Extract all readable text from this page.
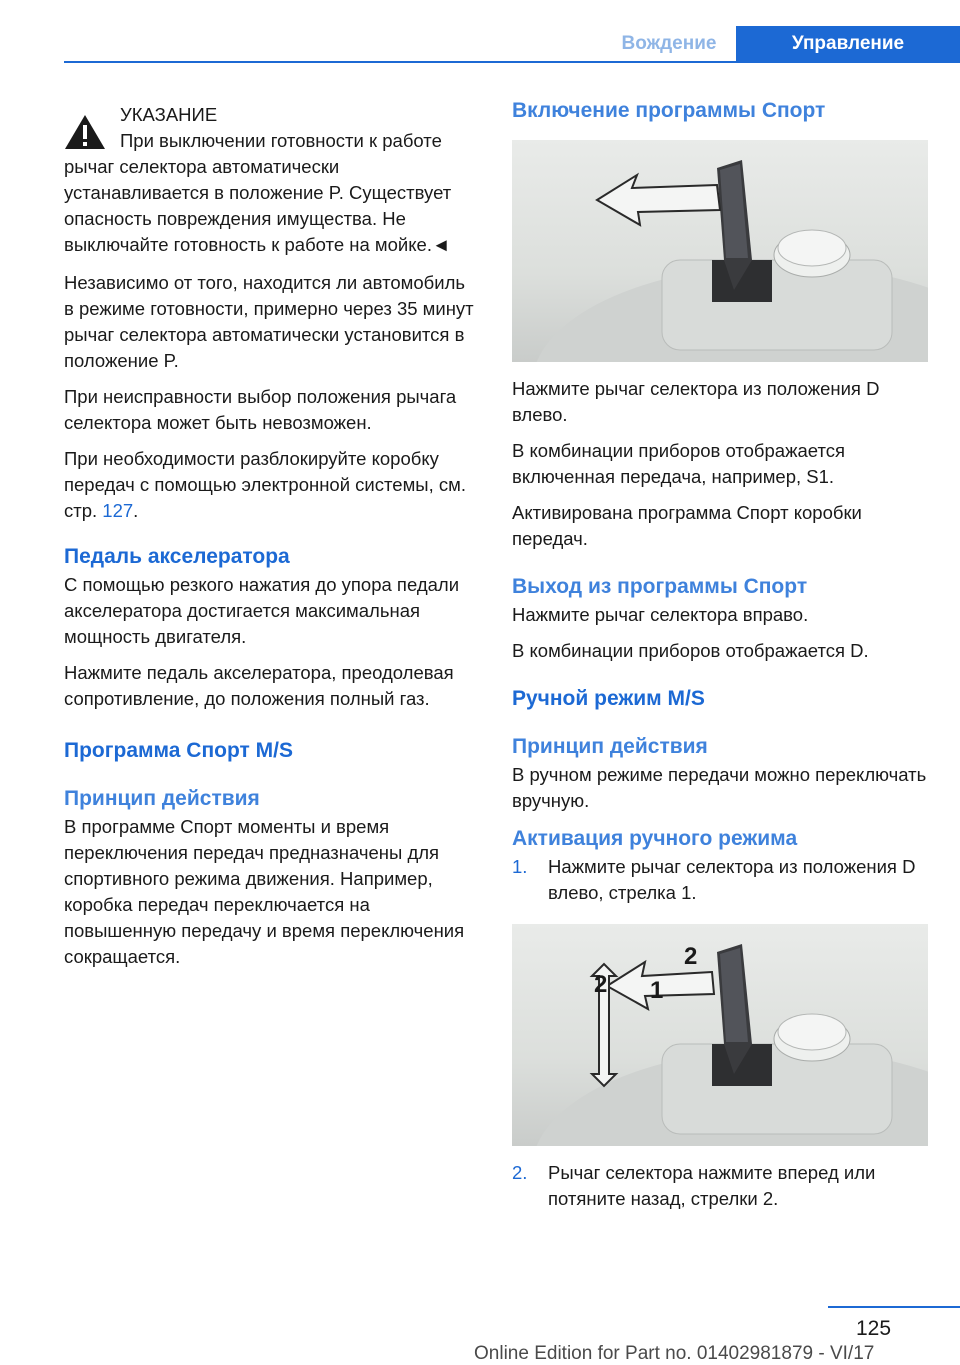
Вождение	Управление
УКАЗАНИЕ

При выключении готовности к работе
рычаг селектора автоматически устанавливается в положение P. Существует опасность повреждения имущества. Не выключайте готовность к работе на мойке.◄

Независимо от того, находится ли автомобиль в режиме готовности, примерно через 35 минут рычаг селектора автоматически установится в положение P.

При неисправности выбор положения рычага селектора может быть невозможен.

При необходимости разблокируйте коробку передач с помощью электронной системы, см. стр. 127.

Педаль акселератора

С помощью резкого нажатия до упора педали акселератора достигается максимальная мощность двигателя.

Нажмите педаль акселератора, преодолевая сопротивление, до положения полный газ.

Программа Спорт M/S
Принцип действия

В программе Спорт моменты и время переключения передач предназначены для спортивного режима движения. Например, коробка передач переключается на повышенную передачу и время переключения сокращается.

Включение программы Спорт

Нажмите рычаг селектора из положения D влево.

В комбинации приборов отображается включенная передача, например, S1.

Активирована программа Спорт коробки передач.

Выход из программы Спорт

Нажмите рычаг селектора вправо.

В комбинации приборов отображается D.

Ручной режим M/S
Принцип действия

В ручном режиме передачи можно переключать вручную.

Активация ручного режима
1. Нажмите рычаг селектора из положения D влево, стрелка 1.
2 1
2
2. Рычаг селектора нажмите вперед или потяните назад, стрелки 2.
125
Online Edition for Part no. 01402981879 - VI/17
